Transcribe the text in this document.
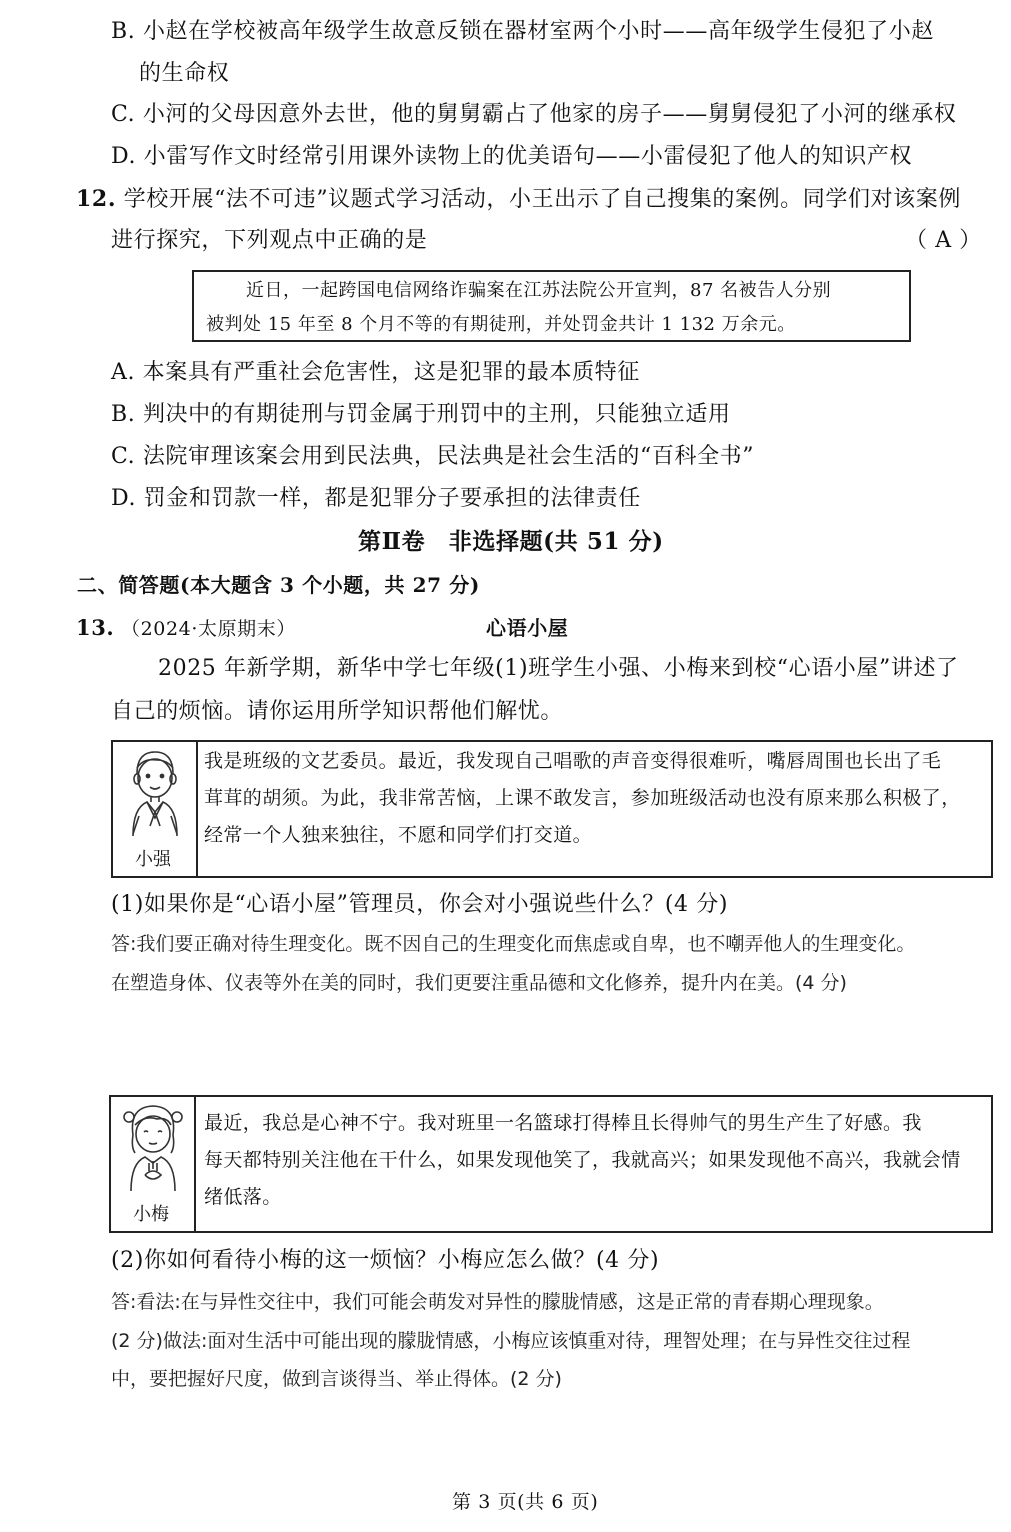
B. 小赵在学校被高年级学生故意反锁在器材室两个小时——高年级学生侵犯了小赵
的生命权
C. 小河的父母因意外去世，他的舅舅霸占了他家的房子——舅舅侵犯了小河的继承权
D. 小雷写作文时经常引用课外读物上的优美语句——小雷侵犯了他人的知识产权
12. 学校开展“法不可违”议题式学习活动，小王出示了自己搜集的案例。同学们对该案例
进行探究，下列观点中正确的是	（ A ）
近日，一起跨国电信网络诈骗案在江苏法院公开宣判，87 名被告人分别
被判处 15 年至 8 个月不等的有期徒刑，并处罚金共计 1 132 万余元。
A. 本案具有严重社会危害性，这是犯罪的最本质特征
B. 判决中的有期徒刑与罚金属于刑罚中的主刑，只能独立适用
C. 法院审理该案会用到民法典，民法典是社会生活的“百科全书”
D. 罚金和罚款一样，都是犯罪分子要承担的法律责任
第Ⅱ卷　非选择题(共 51 分)
二、简答题(本大题含 3 个小题，共 27 分)
13. （2024·太原期末）	心语小屋
2025 年新学期，新华中学七年级(1)班学生小强、小梅来到校“心语小屋”讲述了
自己的烦恼。请你运用所学知识帮他们解忧。
小强
我是班级的文艺委员。最近，我发现自己唱歌的声音变得很难听，嘴唇周围也长出了毛
茸茸的胡须。为此，我非常苦恼，上课不敢发言，参加班级活动也没有原来那么积极了，
经常一个人独来独往，不愿和同学们打交道。
(1)如果你是“心语小屋”管理员，你会对小强说些什么？(4 分)
答:我们要正确对待生理变化。既不因自己的生理变化而焦虑或自卑，也不嘲弄他人的生理变化。
在塑造身体、仪表等外在美的同时，我们更要注重品德和文化修养，提升内在美。(4 分)
小梅
最近，我总是心神不宁。我对班里一名篮球打得棒且长得帅气的男生产生了好感。我
每天都特别关注他在干什么，如果发现他笑了，我就高兴；如果发现他不高兴，我就会情
绪低落。
(2)你如何看待小梅的这一烦恼？小梅应怎么做？(4 分)
答:看法:在与异性交往中，我们可能会萌发对异性的朦胧情感，这是正常的青春期心理现象。
(2 分)做法:面对生活中可能出现的朦胧情感，小梅应该慎重对待，理智处理；在与异性交往过程
中，要把握好尺度，做到言谈得当、举止得体。(2 分)
第 3 页(共 6 页)
